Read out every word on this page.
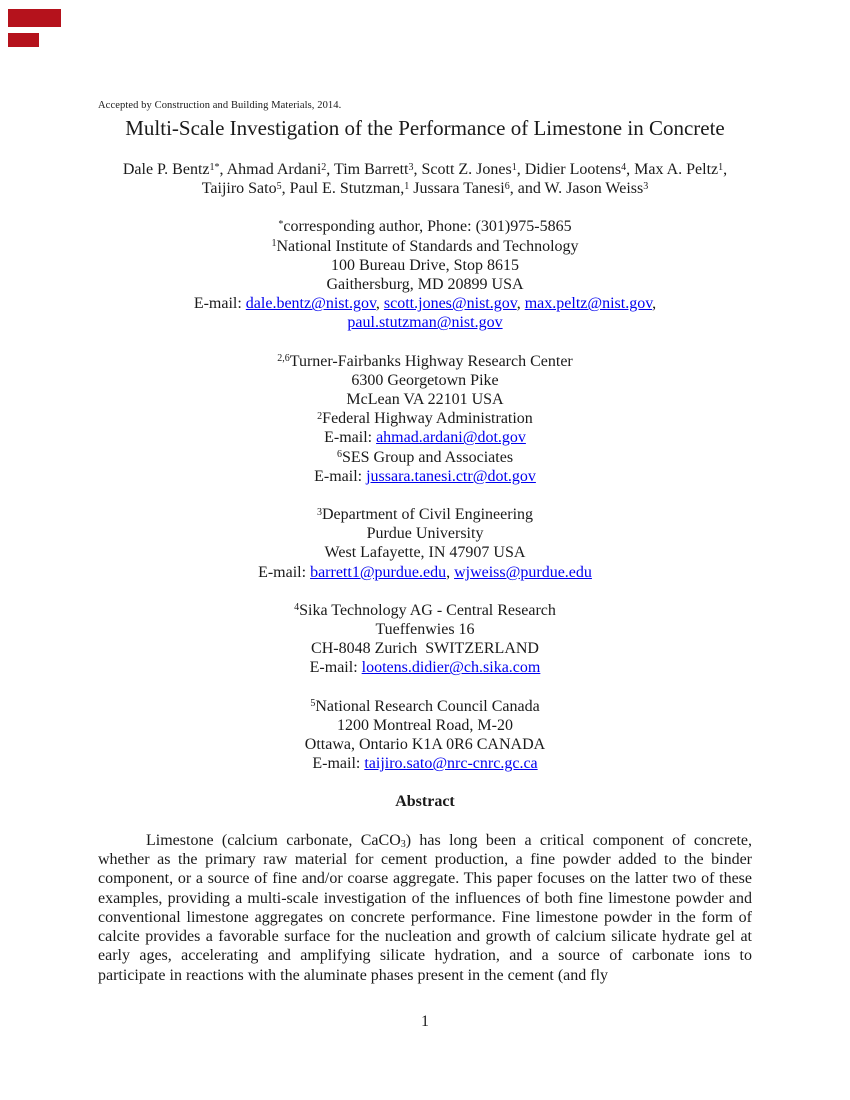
Accepted by Construction and Building Materials, 2014.
Multi-Scale Investigation of the Performance of Limestone in Concrete
Dale P. Bentz$^{1*}$, Ahmad Ardani$^2$, Tim Barrett$^3$, Scott Z. Jones$^1$, Didier Lootens$^4$, Max A. Peltz$^1$,
Taijiro Sato$^5$, Paul E. Stutzman,$^1$ Jussara Tanesi$^6$, and W. Jason Weiss$^3$
*corresponding author, Phone: (301)975-5865
$^1$National Institute of Standards and Technology
100 Bureau Drive, Stop 8615
Gaithersburg, MD 20899 USA
E-mail: dale.bentz@nist.gov, scott.jones@nist.gov, max.peltz@nist.gov,
paul.stutzman@nist.gov
$^{2,6}$Turner-Fairbanks Highway Research Center
6300 Georgetown Pike
McLean VA 22101 USA
$^2$Federal Highway Administration
E-mail: ahmad.ardani@dot.gov
$^6$SES Group and Associates
E-mail: jussara.tanesi.ctr@dot.gov
$^3$Department of Civil Engineering
Purdue University
West Lafayette, IN 47907 USA
E-mail: barrett1@purdue.edu, wjweiss@purdue.edu
$^4$Sika Technology AG - Central Research
Tueffenwies 16
CH-8048 Zurich  SWITZERLAND
E-mail: lootens.didier@ch.sika.com
$^5$National Research Council Canada
1200 Montreal Road, M-20
Ottawa, Ontario K1A 0R6 CANADA
E-mail: taijiro.sato@nrc-cnrc.gc.ca
Abstract

Limestone (calcium carbonate, CaCO$_3$) has long been a critical component of concrete, whether as the primary raw material for cement production, a fine powder added to the binder component, or a source of fine and/or coarse aggregate. This paper focuses on the latter two of these examples, providing a multi-scale investigation of the influences of both fine limestone powder and conventional limestone aggregates on concrete performance. Fine limestone powder in the form of calcite provides a favorable surface for the nucleation and growth of calcium silicate hydrate gel at early ages, accelerating and amplifying silicate hydration, and a source of carbonate ions to participate in reactions with the aluminate phases present in the cement (and fly

1
